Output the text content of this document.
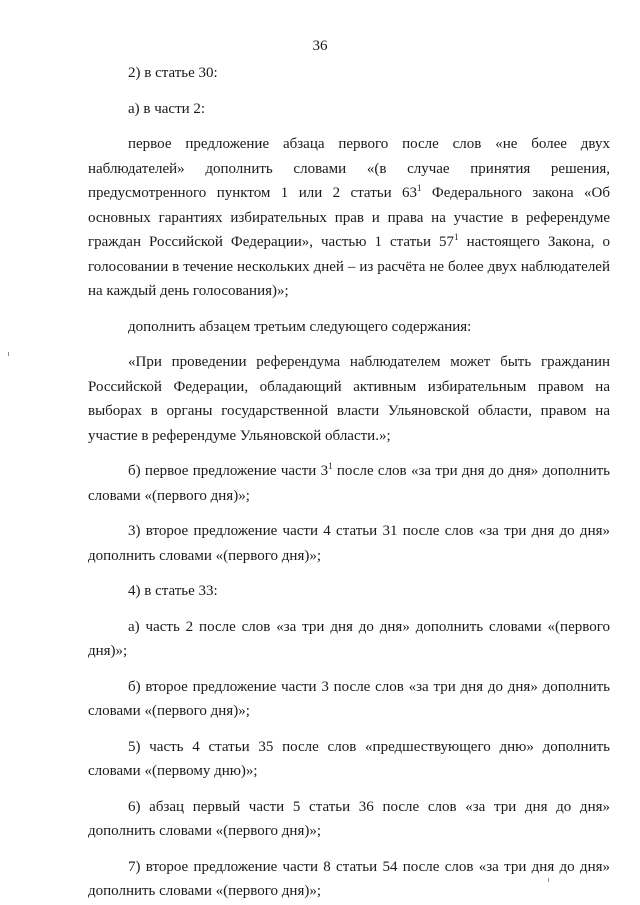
36

2) в статье 30:

а) в части 2:

первое предложение абзаца первого после слов «не более двух наблюдателей» дополнить словами «(в случае принятия решения, предусмотренного пунктом 1 или 2 статьи $63^1$ Федерального закона «Об основных гарантиях избирательных прав и права на участие в референдуме граждан Российской Федерации», частью 1 статьи $57^1$ настоящего Закона, о голосовании в течение нескольких дней – из расчёта не более двух наблюдателей на каждый день голосования)»;

дополнить абзацем третьим следующего содержания:

«При проведении референдума наблюдателем может быть гражданин Российской Федерации, обладающий активным избирательным правом на выборах в органы государственной власти Ульяновской области, правом на участие в референдуме Ульяновской области.»;

б) первое предложение части $3^1$ после слов «за три дня до дня» дополнить словами «(первого дня)»;

3) второе предложение части 4 статьи 31 после слов «за три дня до дня» дополнить словами «(первого дня)»;

4) в статье 33:

а) часть 2 после слов «за три дня до дня» дополнить словами «(первого дня)»;

б) второе предложение части 3 после слов «за три дня до дня» дополнить словами «(первого дня)»;

5) часть 4 статьи 35 после слов «предшествующего дню» дополнить словами «(первому дню)»;

6) абзац первый части 5 статьи 36 после слов «за три дня до дня» дополнить словами «(первого дня)»;

7) второе предложение части 8 статьи 54 после слов «за три дня до дня» дополнить словами «(первого дня)»;
